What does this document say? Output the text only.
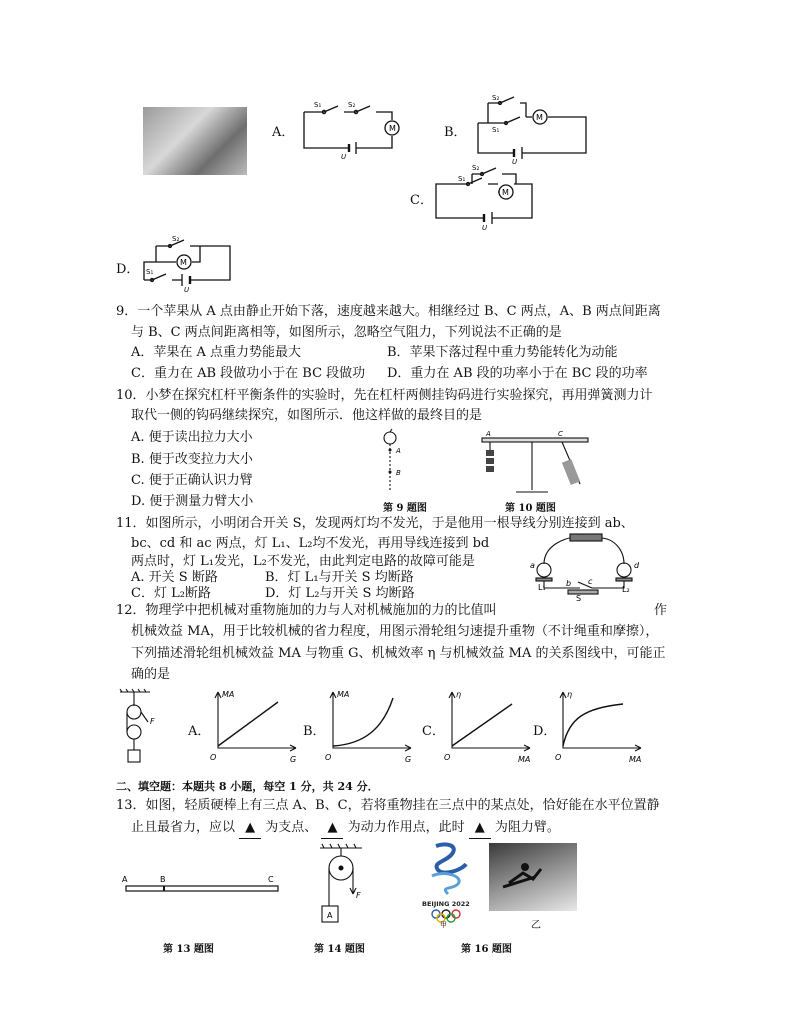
A．	M
S₁	S₂
U
B．
M
S₂
S₁
U
C．
M
S₂
S₁
U
D．	M
S₂
S₁
U
9．一个苹果从 A 点由静止开始下落，速度越来越大。相继经过 B、C 两点，A、B 两点间距离
与 B、C 两点间距离相等，如图所示，忽略空气阻力，下列说法不正确的是
A．苹果在 A 点重力势能最大	B．苹果下落过程中重力势能转化为动能
C．重力在 AB 段做功小于在 BC 段做功 D．重力在 AB 段的功率小于在 BC 段的功率
10．小梦在探究杠杆平衡条件的实验时，先在杠杆两侧挂钩码进行实验探究，再用弹簧测力计
取代一侧的钩码继续探究，如图所示．他这样做的最终目的是
A. 便于读出拉力大小
B. 便于改变拉力大小
C. 便于正确认识力臂
D. 便于测量力臂大小
A
B
第 9 题图
A	C
第 10 题图
11．如图所示，小明闭合开关 S，发现两灯均不发光，于是他用一根导线分别连接到 ab、
bc、cd 和 ac 两点，灯 L₁、L₂均不发光，再用导线连接到 bd
两点时，灯 L₁发光，L₂不发光，由此判定电路的故障可能是
A. 开关 S 断路	B．灯 L₁与开关 S 均断路
C．灯 L₂断路	D．灯 L₂与开关 S 均断路
a
b c
d
L₁	L₂
S
12．物理学中把机械对重物施加的力与人对机械施加的力的比值叫	作
机械效益 MA，用于比较机械的省力程度，用图示滑轮组匀速提升重物（不计绳重和摩擦），
下列描述滑轮组机械效益 MA 与物重 G、机械效率 η 与机械效益 MA 的关系图线中，可能正
确的是
F
A．
MA
G
O
B．
MA
G
O
C．
η
MA
O
D．
η
MA
O
二、填空题：本题共 8 小题，每空 1 分，共 24 分．
13．如图，轻质硬棒上有三点 A、B、C，若将重物挂在三点中的某点处，恰好能在水平位置静
止且最省力，应以 ▲ 为支点、 ▲ 为动力作用点，此时 ▲ 为阻力臂。
A	B	C
第 13 题图
F
A
第 14 题图
BEIJING 2022
甲	乙
第 16 题图
